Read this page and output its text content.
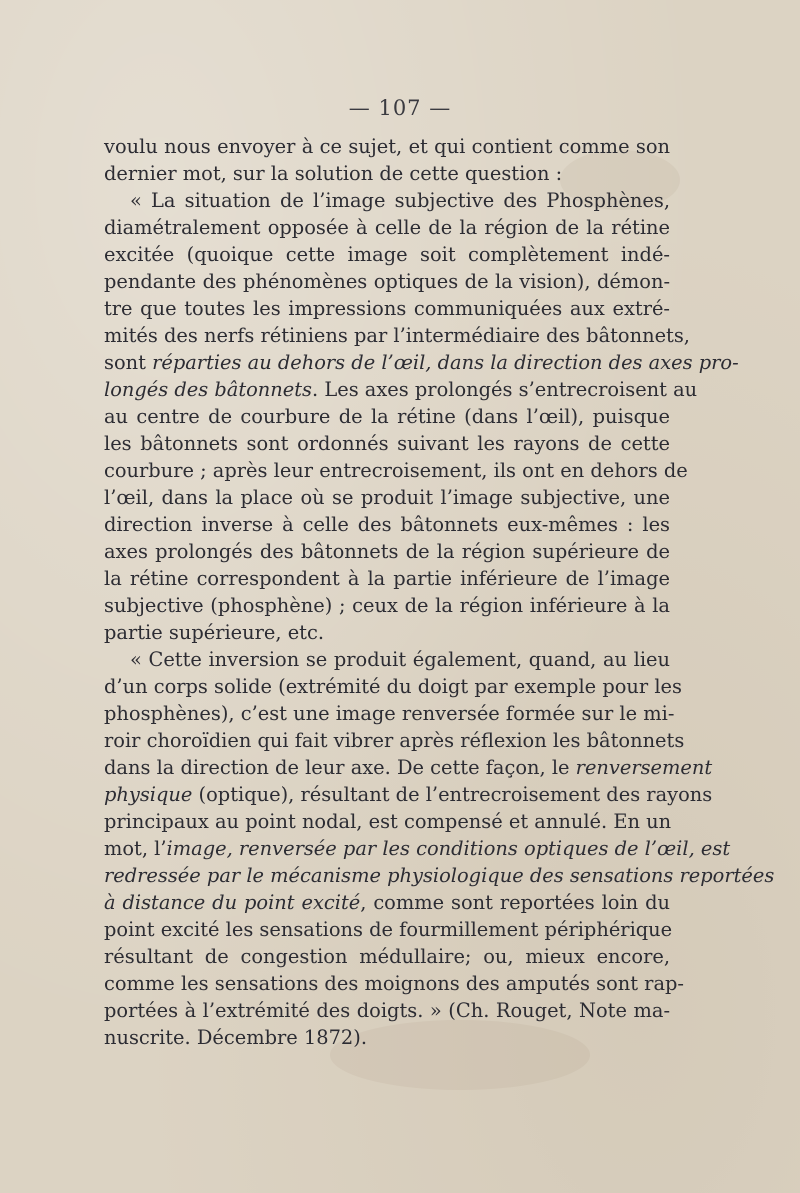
— 107 —
voulu nous envoyer à ce sujet, et qui contient comme son
dernier mot, sur la solution de cette question :
« La situation de l’image subjective des Phosphènes,
diamétralement opposée à celle de la région de la rétine
excitée (quoique cette image soit complètement indé-
pendante des phénomènes optiques de la vision), démon-
tre que toutes les impressions communiquées aux extré-
mités des nerfs rétiniens par l’intermédiaire des bâtonnets,
sont réparties au dehors de l’œil, dans la direction des axes pro-
longés des bâtonnets. Les axes prolongés s’entrecroisent au
au centre de courbure de la rétine (dans l’œil), puisque
les bâtonnets sont ordonnés suivant les rayons de cette
courbure ; après leur entrecroisement, ils ont en dehors de
l’œil, dans la place où se produit l’image subjective, une
direction inverse à celle des bâtonnets eux-mêmes : les
axes prolongés des bâtonnets de la région supérieure de
la rétine correspondent à la partie inférieure de l’image
subjective (phosphène) ; ceux de la région inférieure à la
partie supérieure, etc.
« Cette inversion se produit également, quand, au lieu
d’un corps solide (extrémité du doigt par exemple pour les
phosphènes), c’est une image renversée formée sur le mi-
roir choroïdien qui fait vibrer après réflexion les bâtonnets
dans la direction de leur axe. De cette façon, le renversement
physique (optique), résultant de l’entrecroisement des rayons
principaux au point nodal, est compensé et annulé. En un
mot, l’image, renversée par les conditions optiques de l’œil, est
redressée par le mécanisme physiologique des sensations reportées
à distance du point excité, comme sont reportées loin du
point excité les sensations de fourmillement périphérique
résultant de congestion médullaire; ou, mieux encore,
comme les sensations des moignons des amputés sont rap-
portées à l’extrémité des doigts. » (Ch. Rouget, Note ma-
nuscrite. Décembre 1872).
